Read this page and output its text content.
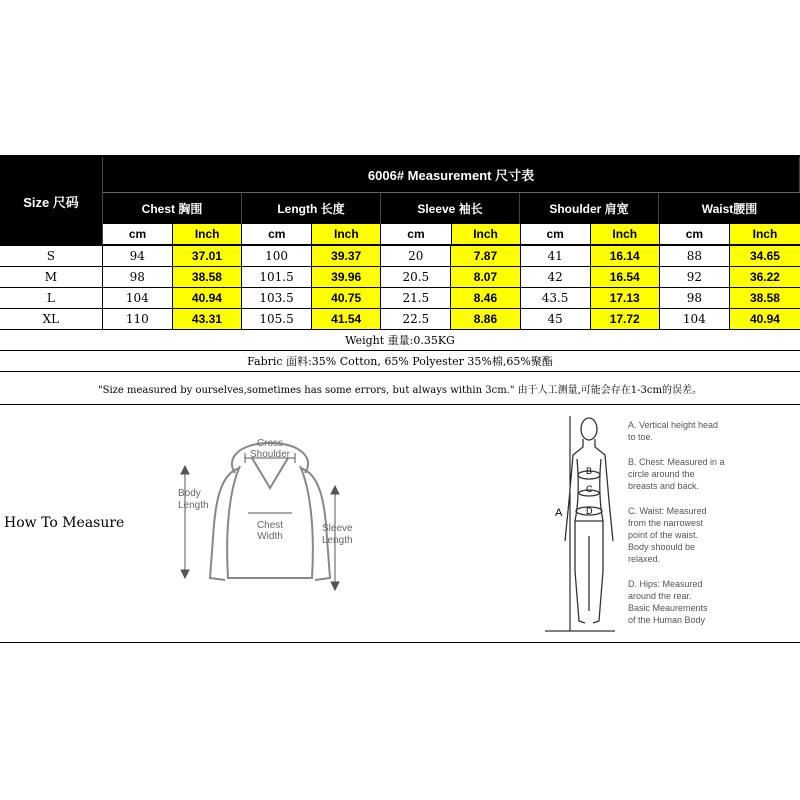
Size 尺码
6006# Measurement 尺寸表
Chest 胸围	Length 长度	Sleeve 袖长	Shoulder 肩宽	Waist腰围
cm	Inch	cm	Inch	cm	Inch	cm	Inch	cm	Inch
S	94	37.01	100	39.37	20	7.87	41	16.14	88	34.65
M	98	38.58	101.5	39.96	20.5	8.07	42	16.54	92	36.22
L	104	40.94	103.5	40.75	21.5	8.46	43.5	17.13	98	38.58
XL	110	43.31	105.5	41.54	22.5	8.86	45	17.72	104	40.94
Weight 重量:0.35KG
Fabric 面料:35% Cotton, 65% Polyester 35%棉,65%聚酯
"Size measured by ourselves,sometimes has some errors, but always within 3cm." 由于人工测量,可能会存在1-3cm的误差。
How To Measure
Cross
Shoulder
Body
Length
Chest
Width
Sleeve
Length
A
B
C
D
A. Vertical height head
to toe.
B. Chest: Measured in a
circle around the
breasts and back.
C. Waist: Measured
from the narrowest
point of the waist.
Body shoould be
relaxed.
D. Hips: Measured
around the rear.
Basic Meaurements
of the Human Body
